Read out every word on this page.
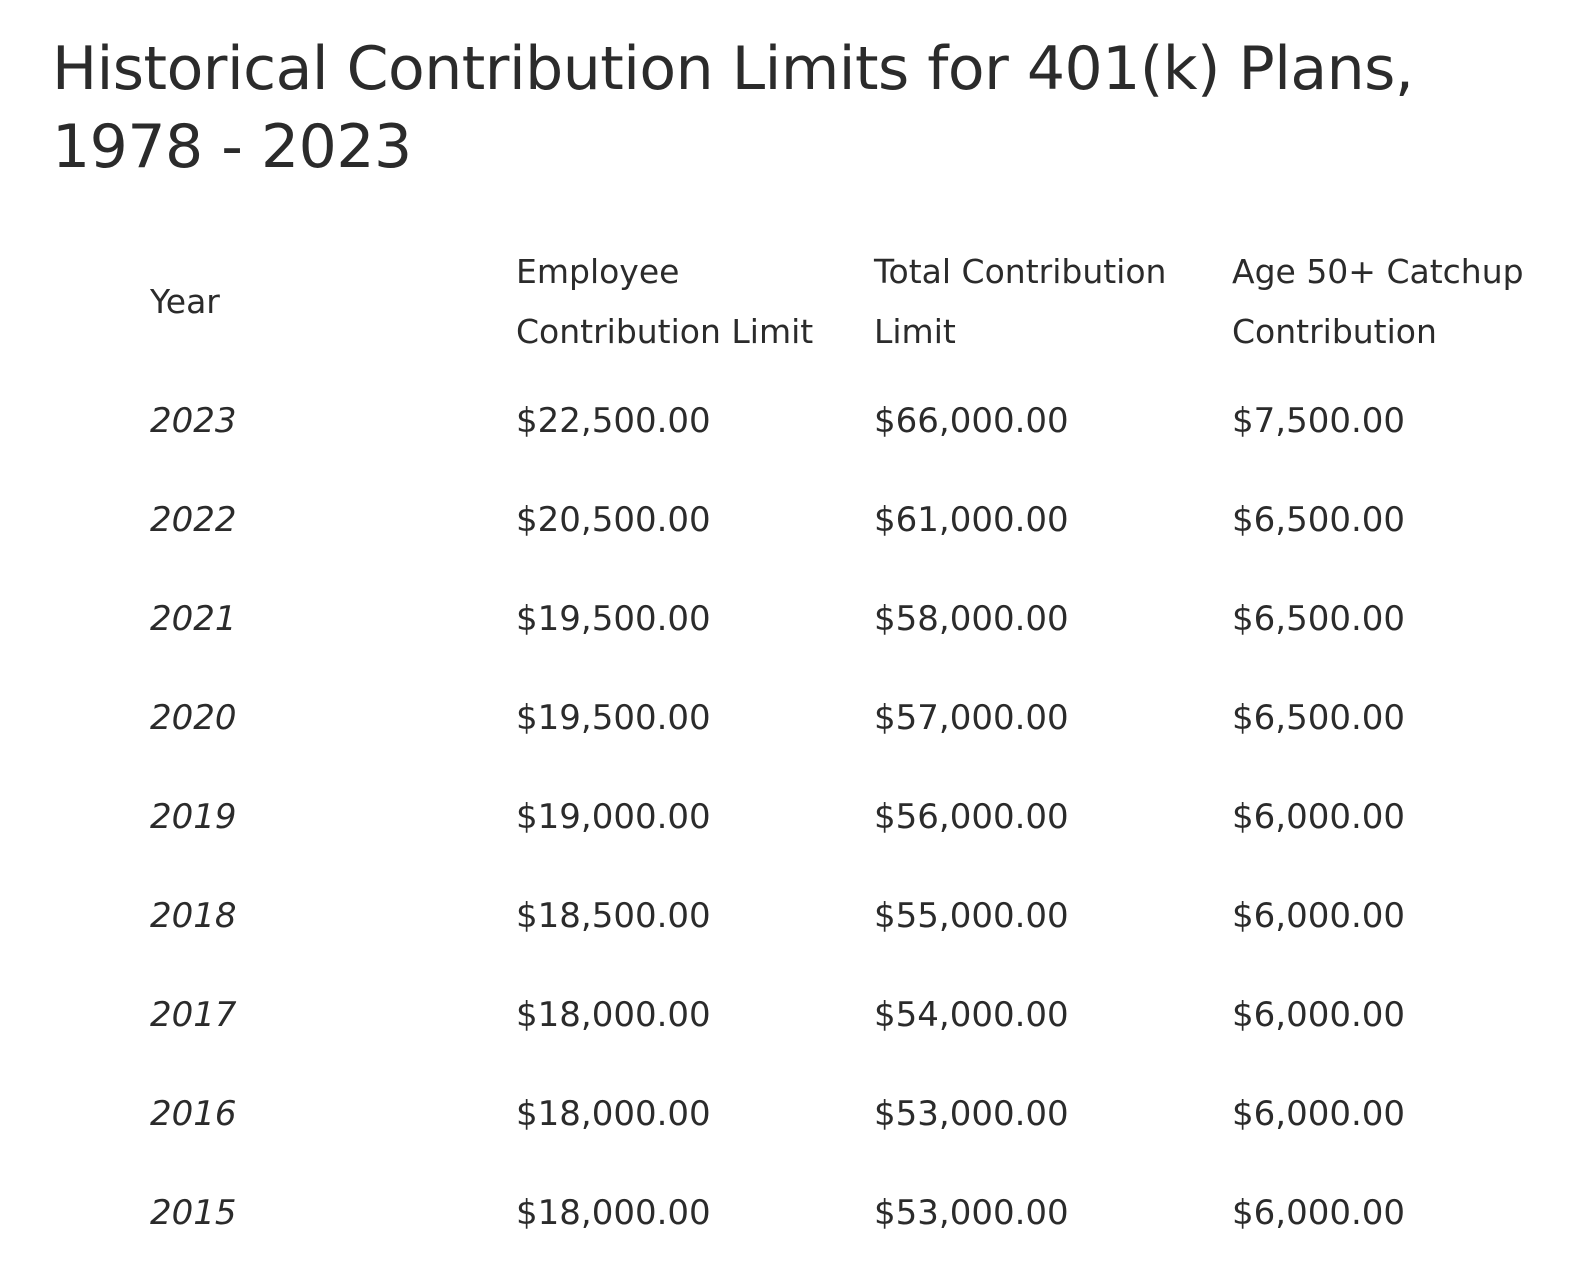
Historical Contribution Limits for 401(k) Plans, 1978 - 2023
Year	Employee Contribution Limit	Total Contribution Limit	Age 50+ Catchup Contribution
2023	$22,500.00	$66,000.00	$7,500.00
2022	$20,500.00	$61,000.00	$6,500.00
2021	$19,500.00	$58,000.00	$6,500.00
2020	$19,500.00	$57,000.00	$6,500.00
2019	$19,000.00	$56,000.00	$6,000.00
2018	$18,500.00	$55,000.00	$6,000.00
2017	$18,000.00	$54,000.00	$6,000.00
2016	$18,000.00	$53,000.00	$6,000.00
2015	$18,000.00	$53,000.00	$6,000.00
